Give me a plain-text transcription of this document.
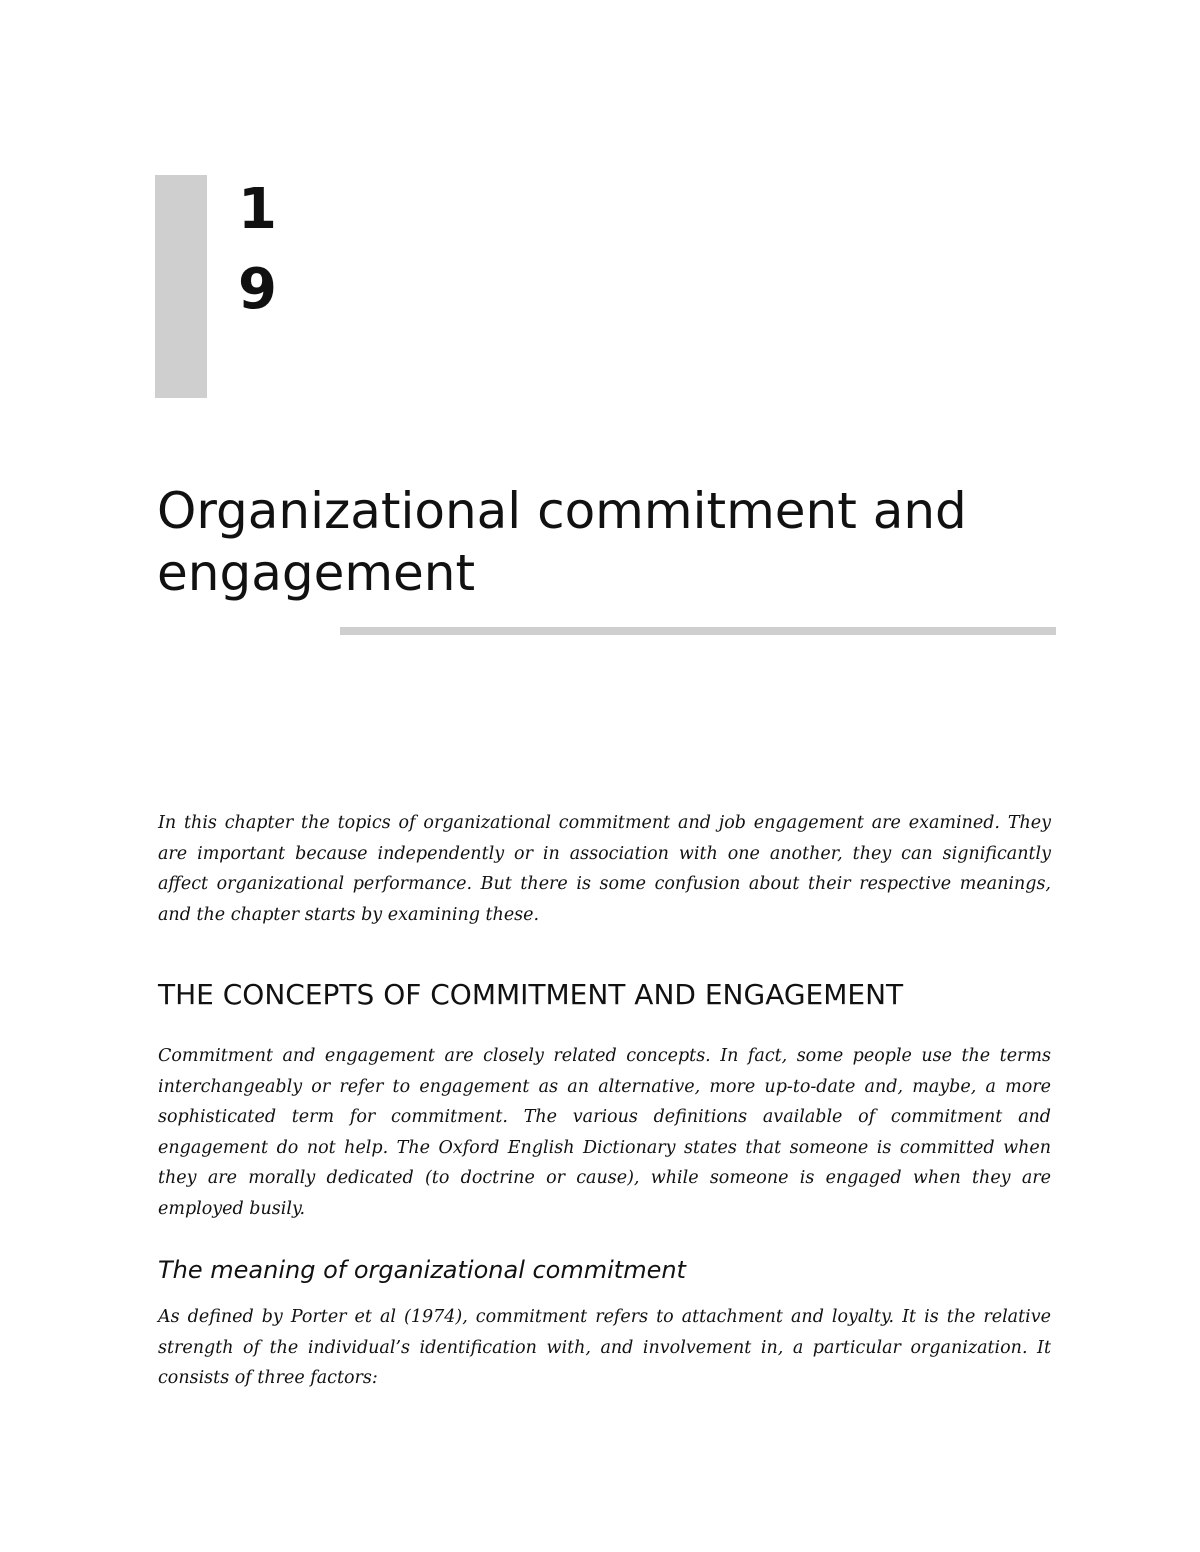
1
9
Organizational commitment and engagement

In this chapter the topics of organizational commitment and job engagement are examined. They are important because independently or in association with one another, they can significantly affect organizational performance. But there is some confusion about their respective meanings, and the chapter starts by examining these.

THE CONCEPTS OF COMMITMENT AND ENGAGEMENT

Commitment and engagement are closely related concepts. In fact, some people use the terms interchangeably or refer to engagement as an alternative, more up-to-date and, maybe, a more sophisticated term for commitment. The various definitions available of commitment and engagement do not help. The Oxford English Dictionary states that someone is committed when they are morally dedicated (to doctrine or cause), while someone is engaged when they are employed busily.

The meaning of organizational commitment

As defined by Porter et al (1974), commitment refers to attachment and loyalty. It is the relative strength of the individual’s identification with, and involvement in, a particular organization. It consists of three factors:
